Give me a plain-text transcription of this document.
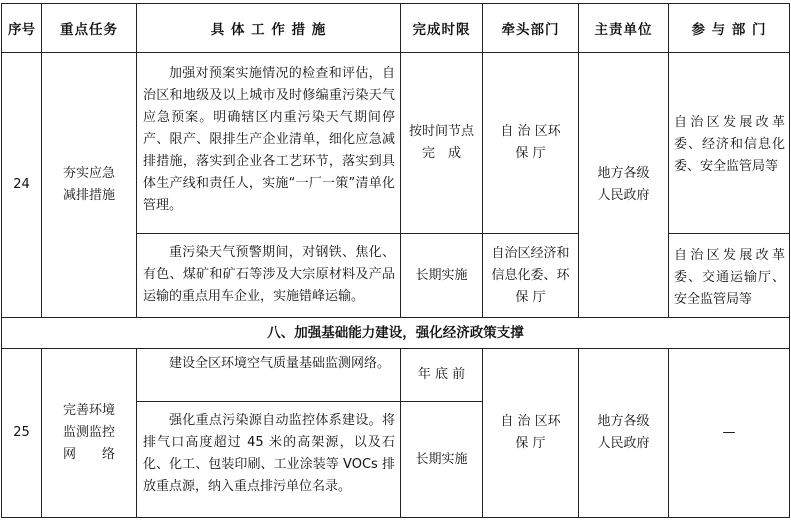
序号	重点任务	具 体 工 作 措 施	完成时限	牵头部门	主责单位	参 与 部 门
24	夯实应急减排措施	加强对预案实施情况的检查和评估，自治区和地级及以上城市及时修编重污染天气应急预案。明确辖区内重污染天气期间停产、限产、限排生产企业清单，细化应急减排措施，落实到企业各工艺环节，落实到具体生产线和责任人，实施“一厂一策”清单化管理。	按时间节点完　成	自 治 区环 保 厅	地方各级人民政府	自治区发展改革委、经济和信息化委、安全监管局等
		重污染天气预警期间，对钢铁、焦化、有色、煤矿和矿石等涉及大宗原材料及产品运输的重点用车企业，实施错峰运输。	长期实施	自治区经济和信息化委、环 保 厅		自治区发展改革委、交通运输厅、安全监管局等
八、加强基础能力建设，强化经济政策支撑						
25	完善环境监测监控网　　络	建设全区环境空气质量基础监测网络。	年 底 前	自 治 区环 保 厅	地方各级人民政府	—
		强化重点污染源自动监控体系建设。将排气口高度超过 45 米的高架源，以及石化、化工、包装印刷、工业涂装等 VOCs 排放重点源，纳入重点排污单位名录。	长期实施			
